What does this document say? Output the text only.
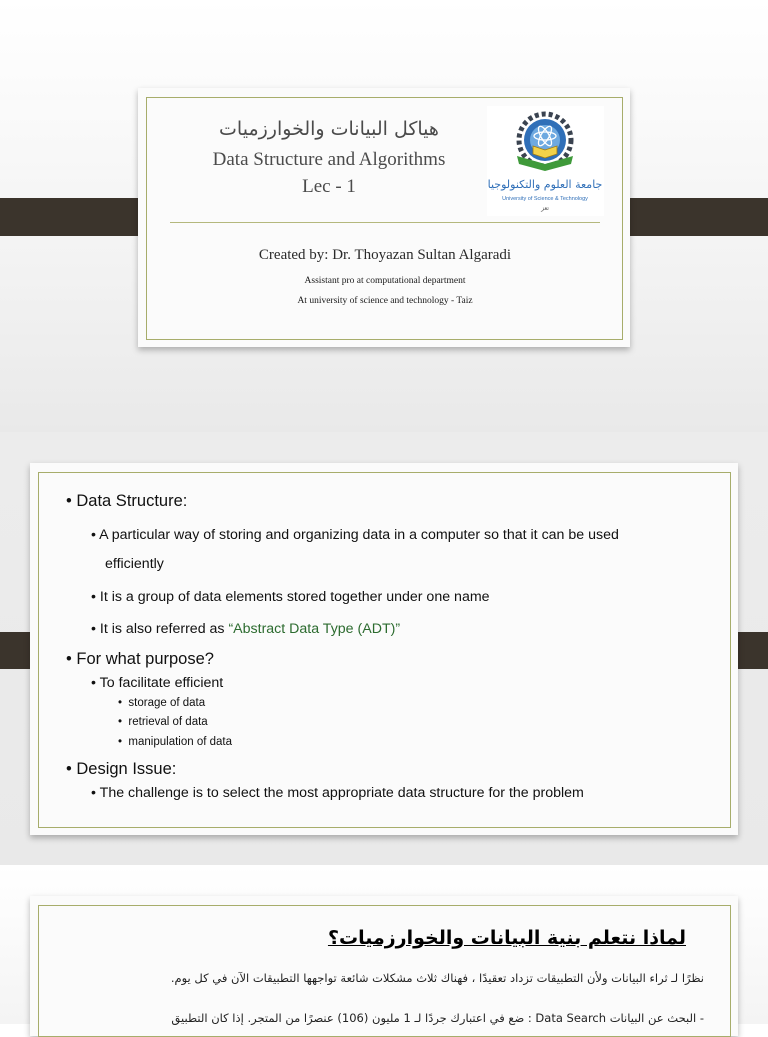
هياكل البيانات والخوارزميات
Data Structure and Algorithms
Lec - 1	جامعة العلوم والتكنولوجيا
University of Science & Technology
تعز
Created by: Dr. Thoyazan Sultan Algaradi
Assistant pro at computational department
At university of science and technology - Taiz
• Data Structure:
• A particular way of storing and organizing data in a computer so that it can be used
efficiently
• It is a group of data elements stored together under one name
• It is also referred as “Abstract Data Type (ADT)”
• For what purpose?
• To facilitate efficient
•  storage of data
•  retrieval of data
•  manipulation of data
• Design Issue:
• The challenge is to select the most appropriate data structure for the problem
لماذا نتعلم بنية البيانات والخوارزميات؟
نظرًا لـ ثراء البيانات ولأن التطبيقات تزداد تعقيدًا ، فهناك ثلاث مشكلات شائعة تواجهها التطبيقات الآن في كل يوم.
- البحث عن البيانات Data Search : ضع في اعتبارك جردًا لـ 1 مليون (106) عنصرًا من المتجر. إذا كان التطبيق
